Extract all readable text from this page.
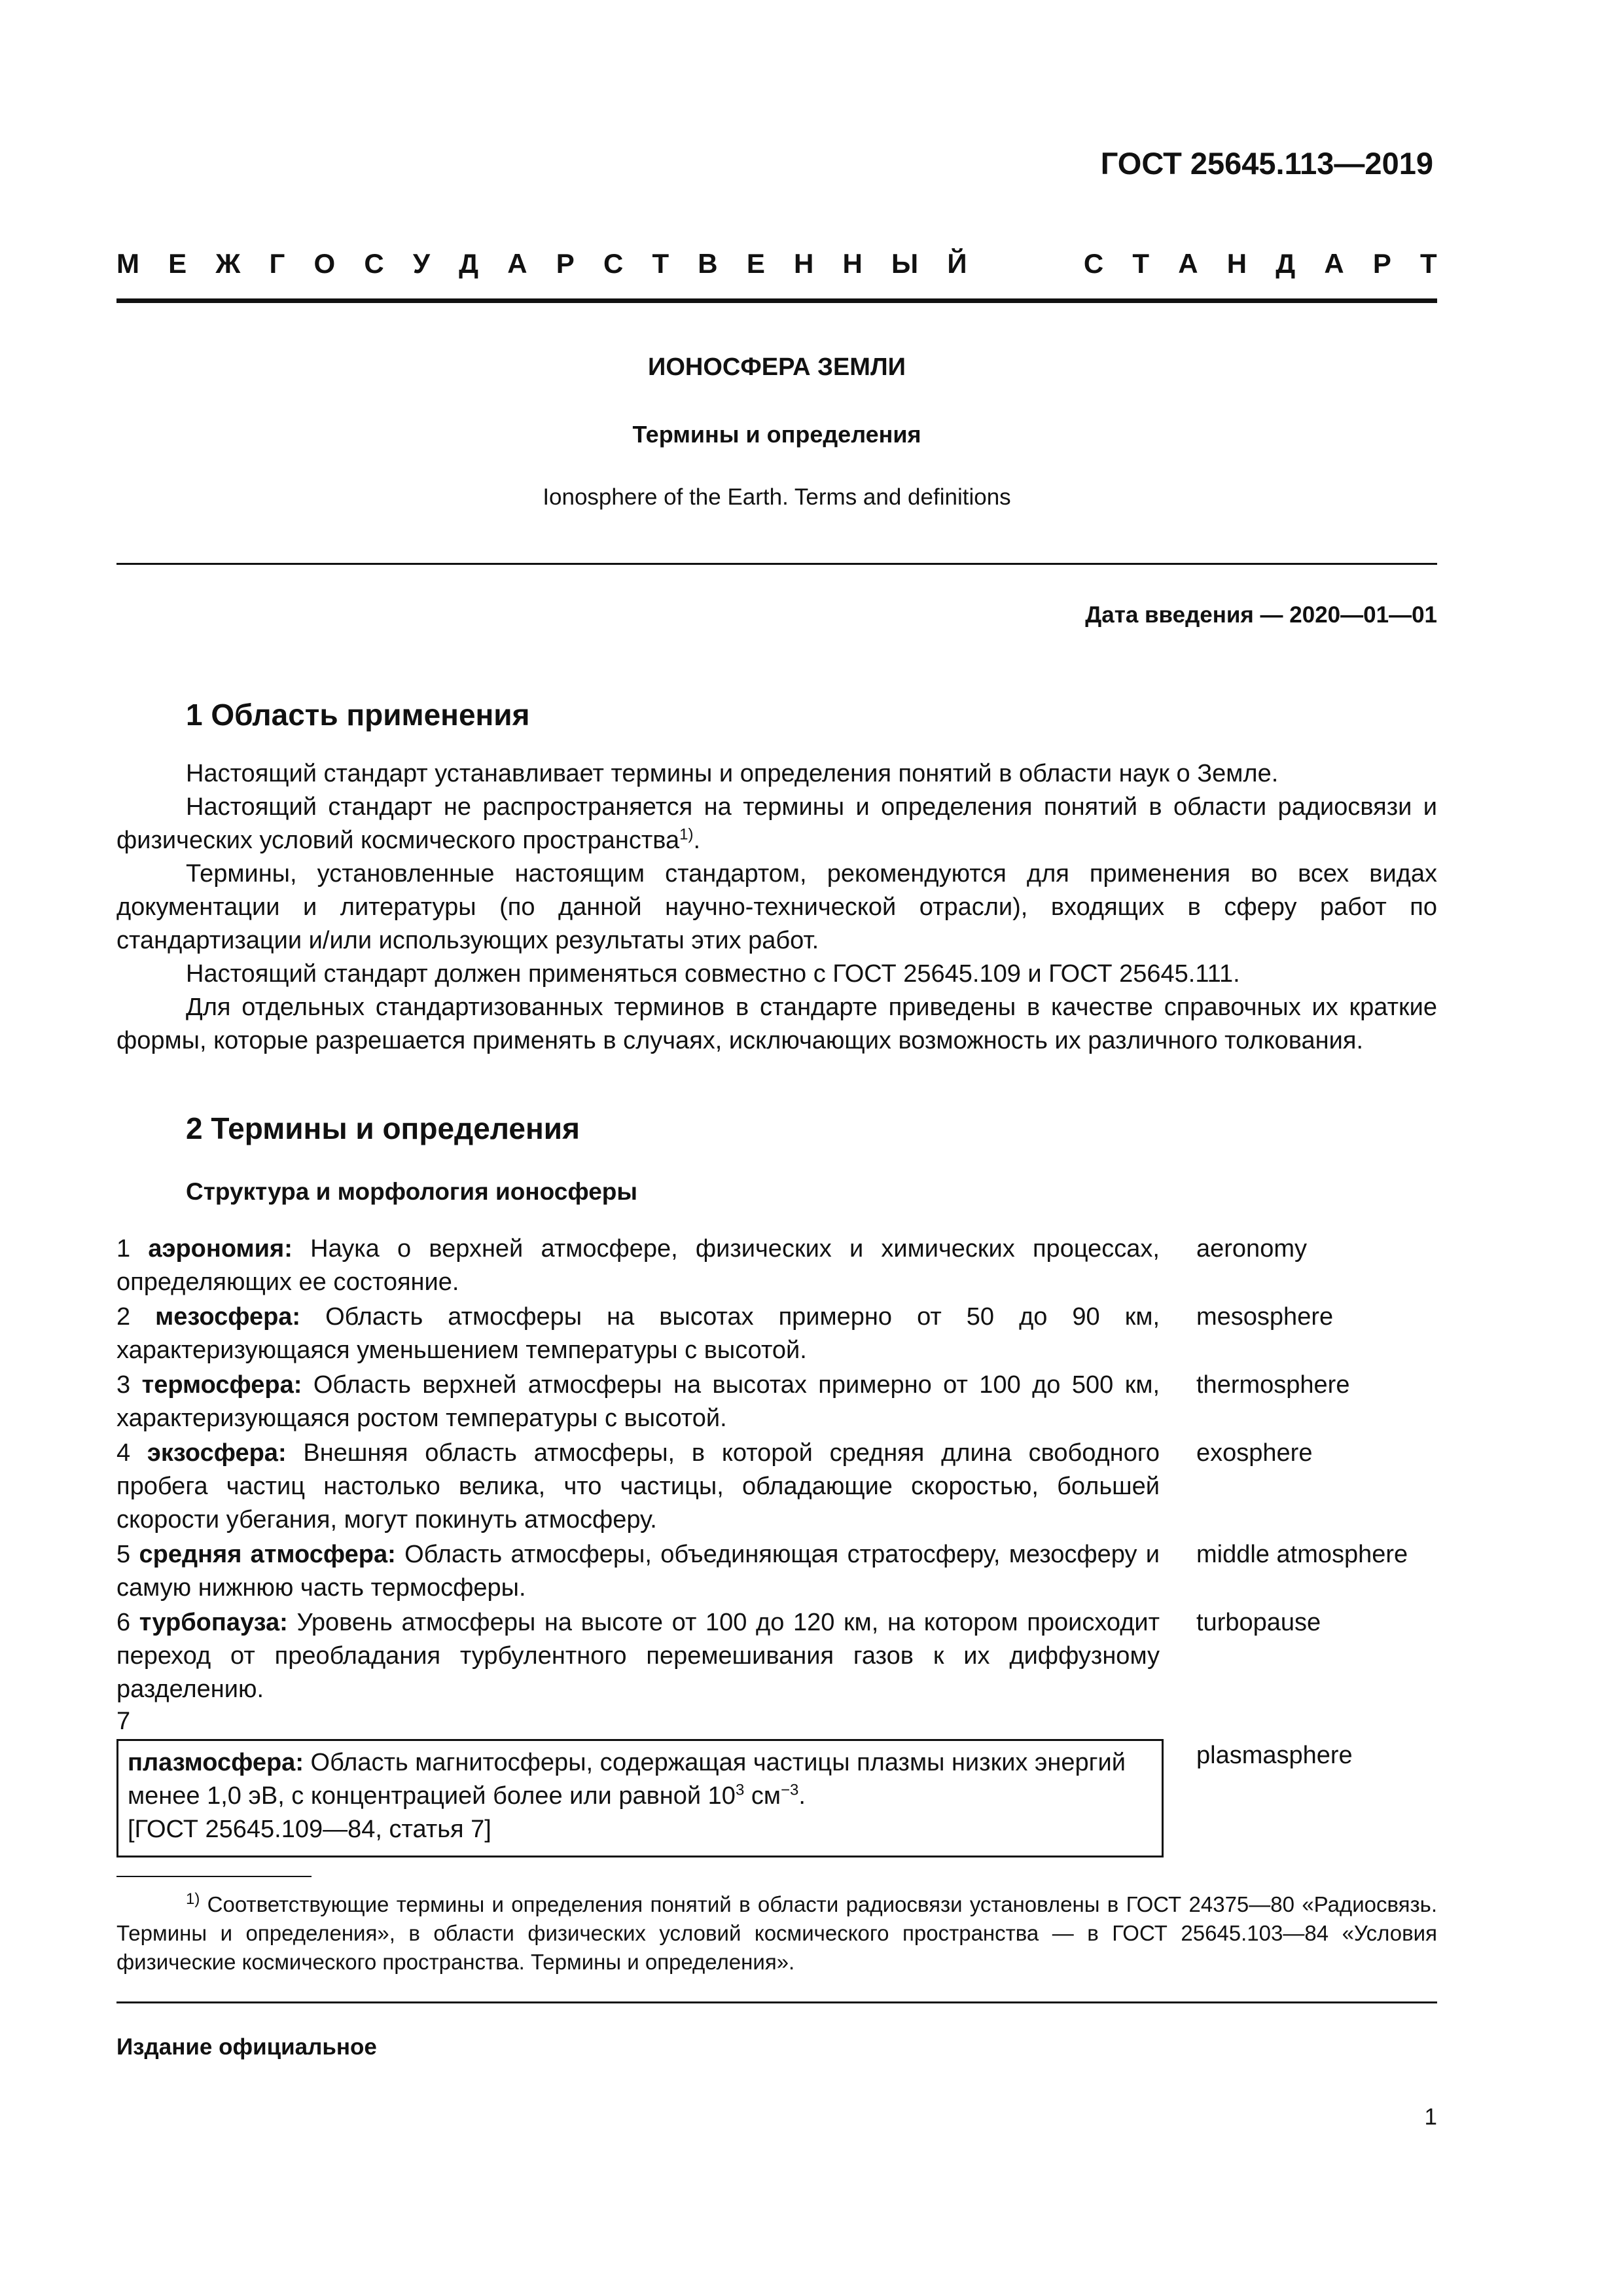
ГОСТ 25645.113—2019
М Е Ж Г О С У Д А Р С Т В Е Н Н Ы Й	С Т А Н Д А Р Т
ИОНОСФЕРА ЗЕМЛИ
Термины и определения
Ionosphere of the Earth. Terms and definitions
Дата введения — 2020—01—01
1 Область применения

Настоящий стандарт устанавливает термины и определения понятий в области наук о Земле.

Настоящий стандарт не распространяется на термины и определения понятий в области радиосвязи и физических условий космического пространства$^{1)}$.

Термины, установленные настоящим стандартом, рекомендуются для применения во всех видах документации и литературы (по данной научно-технической отрасли), входящих в сферу работ по стандартизации и/или использующих результаты этих работ.

Настоящий стандарт должен применяться совместно с ГОСТ 25645.109 и ГОСТ 25645.111.

Для отдельных стандартизованных терминов в стандарте приведены в качестве справочных их краткие формы, которые разрешается применять в случаях, исключающих возможность их различного толкования.

2 Термины и определения
Структура и морфология ионосферы
1 аэрономия: Наука о верхней атмосфере, физических и химических процессах, определяющих ее состояние.
aeronomy
2 мезосфера: Область атмосферы на высотах примерно от 50 до 90 км, характеризующаяся уменьшением температуры с высотой.
mesosphere
3 термосфера: Область верхней атмосферы на высотах примерно от 100 до 500 км, характеризующаяся ростом температуры с высотой.
thermosphere
4 экзосфера: Внешняя область атмосферы, в которой средняя длина свободного пробега частиц настолько велика, что частицы, обладающие скоростью, большей скорости убегания, могут покинуть атмосферу.
exosphere
5 средняя атмосфера: Область атмосферы, объединяющая стратосферу, мезосферу и самую нижнюю часть термосферы.
middle atmosphere
6 турбопауза: Уровень атмосферы на высоте от 100 до 120 км, на котором происходит переход от преобладания турбулентного перемешивания газов к их диффузному разделению.
turbopause
7
плазмосфера: Область магнитосферы, содержащая частицы плазмы низких энергий менее 1,0 эВ, с концентрацией более или равной $10^3$ $см^{-3}$.
[ГОСТ 25645.109—84, статья 7]
plasmasphere

$^{1)}$ Соответствующие термины и определения понятий в области радиосвязи установлены в ГОСТ 24375—80 «Радиосвязь. Термины и определения», в области физических условий космического пространства — в ГОСТ 25645.103—84 «Условия физические космического пространства. Термины и определения».

Издание официальное
1
